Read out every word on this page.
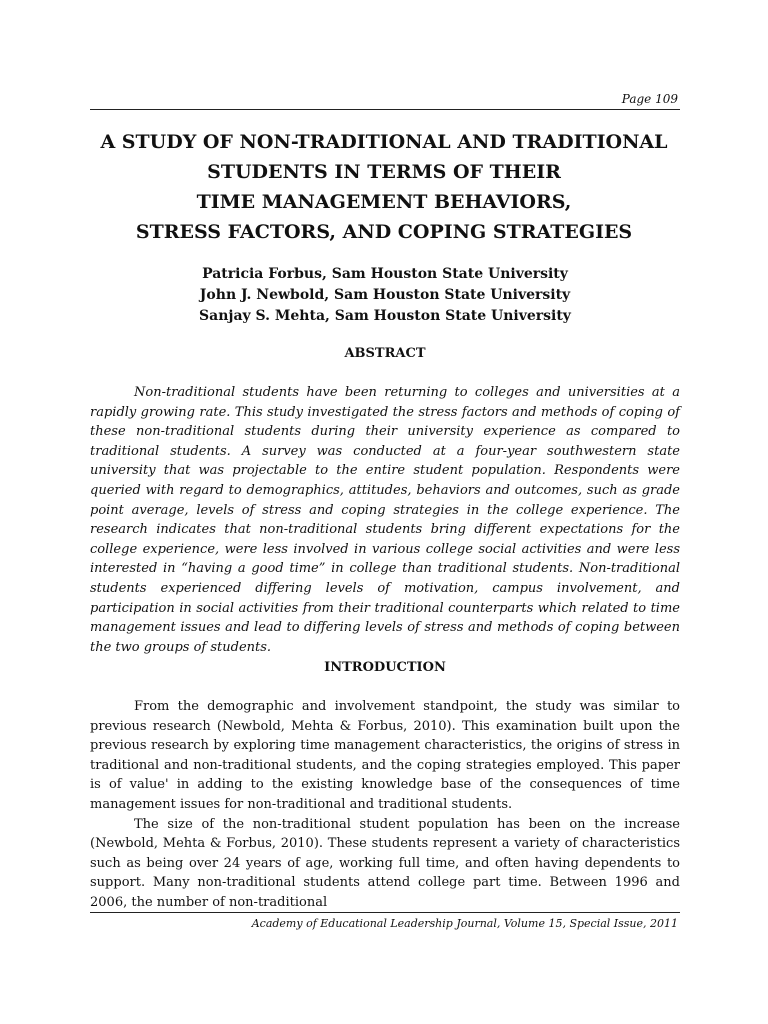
Page 109
A STUDY OF NON-TRADITIONAL AND TRADITIONAL
STUDENTS IN TERMS OF THEIR
TIME MANAGEMENT BEHAVIORS,
STRESS FACTORS, AND COPING STRATEGIES
Patricia Forbus, Sam Houston State University
John J. Newbold, Sam Houston State University
Sanjay S. Mehta, Sam Houston State University
ABSTRACT

Non-traditional students have been returning to colleges and universities at a rapidly growing rate. This study investigated the stress factors and methods of coping of these non-traditional students during their university experience as compared to traditional students. A survey was conducted at a four-year southwestern state university that was projectable to the entire student population. Respondents were queried with regard to demographics, attitudes, behaviors and outcomes, such as grade point average, levels of stress and coping strategies in the college experience. The research indicates that non-traditional students bring different expectations for the college experience, were less involved in various college social activities and were less interested in “having a good time” in college than traditional students. Non-traditional students experienced differing levels of motivation, campus involvement, and participation in social activities from their traditional counterparts which related to time management issues and lead to differing levels of stress and methods of coping between the two groups of students.

INTRODUCTION

From the demographic and involvement standpoint, the study was similar to previous research (Newbold, Mehta & Forbus, 2010). This examination built upon the previous research by exploring time management characteristics, the origins of stress in traditional and non-traditional students, and the coping strategies employed. This paper is of value' in adding to the existing knowledge base of the consequences of time management issues for non-traditional and traditional students.

The size of the non-traditional student population has been on the increase (Newbold, Mehta & Forbus, 2010). These students represent a variety of characteristics such as being over 24 years of age, working full time, and often having dependents to support. Many non-traditional students attend college part time. Between 1996 and 2006, the number of non-traditional

Academy of Educational Leadership Journal, Volume 15, Special Issue, 2011
